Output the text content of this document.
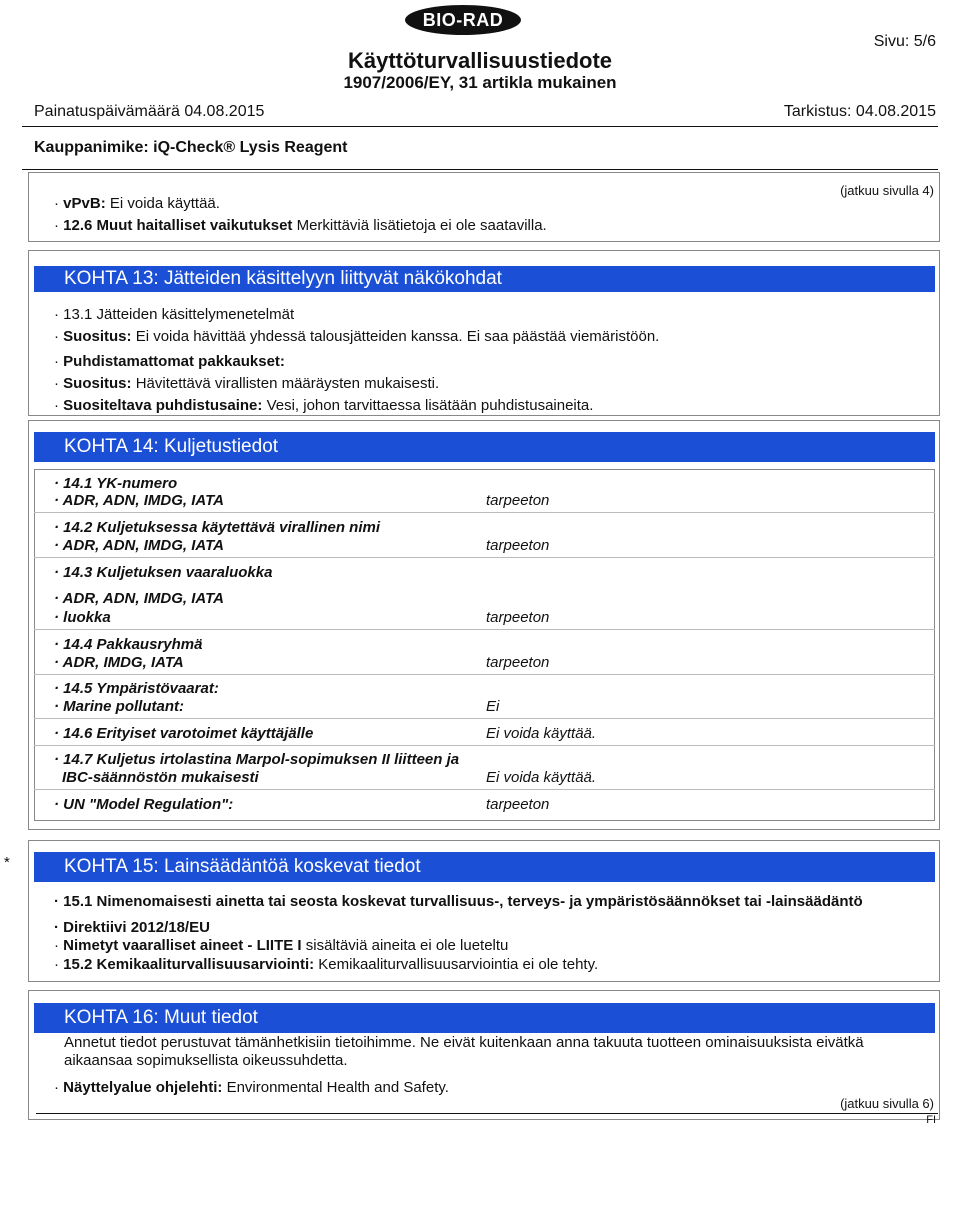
BIO-RAD
Sivu: 5/6
Käyttöturvallisuustiedote
1907/2006/EY, 31 artikla mukainen
Painatuspäivämäärä 04.08.2015	Tarkistus: 04.08.2015
Kauppanimike: iQ-Check® Lysis Reagent
(jatkuu sivulla 4)
· vPvB: Ei voida käyttää.
· 12.6 Muut haitalliset vaikutukset Merkittäviä lisätietoja ei ole saatavilla.
KOHTA 13: Jätteiden käsittelyyn liittyvät näkökohdat
· 13.1 Jätteiden käsittelymenetelmät
· Suositus: Ei voida hävittää yhdessä talousjätteiden kanssa. Ei saa päästää viemäristöön.
· Puhdistamattomat pakkaukset:
· Suositus: Hävitettävä virallisten määräysten mukaisesti.
· Suositeltava puhdistusaine: Vesi, johon tarvittaessa lisätään puhdistusaineita.
KOHTA 14: Kuljetustiedot
· 14.1 YK-numero
· ADR, ADN, IMDG, IATA	tarpeeton
· 14.2 Kuljetuksessa käytettävä virallinen nimi
· ADR, ADN, IMDG, IATA	tarpeeton
· 14.3 Kuljetuksen vaaraluokka
· ADR, ADN, IMDG, IATA
· luokka	tarpeeton
· 14.4 Pakkausryhmä
· ADR, IMDG, IATA	tarpeeton
· 14.5 Ympäristövaarat:
· Marine pollutant:	Ei
· 14.6 Erityiset varotoimet käyttäjälle	Ei voida käyttää.
· 14.7 Kuljetus irtolastina Marpol-sopimuksen II liitteen ja
IBC-säännöstön mukaisesti	Ei voida käyttää.
· UN "Model Regulation":	tarpeeton
*	KOHTA 15: Lainsäädäntöä koskevat tiedot
· 15.1 Nimenomaisesti ainetta tai seosta koskevat turvallisuus-, terveys- ja ympäristösäännökset tai -lainsäädäntö
· Direktiivi 2012/18/EU
· Nimetyt vaaralliset aineet - LIITE I sisältäviä aineita ei ole lueteltu
· 15.2 Kemikaaliturvallisuusarviointi: Kemikaaliturvallisuusarviointia ei ole tehty.
KOHTA 16: Muut tiedot
Annetut tiedot perustuvat tämänhetkisiin tietoihimme. Ne eivät kuitenkaan anna takuuta tuotteen ominaisuuksista eivätkä
aikaansaa sopimuksellista oikeussuhdetta.
· Näyttelyalue ohjelehti: Environmental Health and Safety.
(jatkuu sivulla 6)
FI
